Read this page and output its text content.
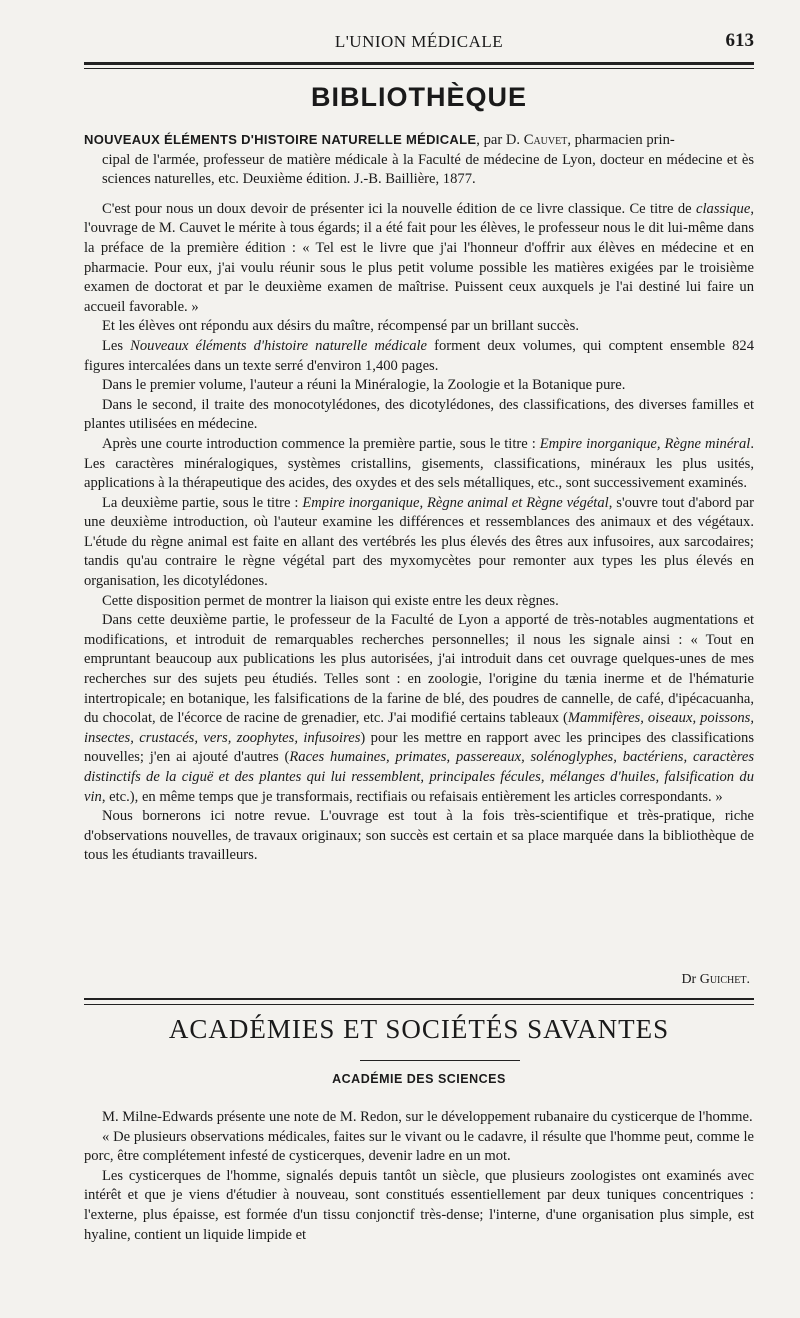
L'UNION MÉDICALE	613
BIBLIOTHÈQUE

NOUVEAUX ÉLÉMENTS D'HISTOIRE NATURELLE MÉDICALE, par D. Cauvet, pharmacien prin-

cipal de l'armée, professeur de matière médicale à la Faculté de médecine de Lyon, docteur en médecine et ès sciences naturelles, etc. Deuxième édition. J.-B. Baillière, 1877.

C'est pour nous un doux devoir de présenter ici la nouvelle édition de ce livre classique. Ce titre de classique, l'ouvrage de M. Cauvet le mérite à tous égards; il a été fait pour les élèves, le professeur nous le dit lui-même dans la préface de la première édition : « Tel est le livre que j'ai l'honneur d'offrir aux élèves en médecine et en pharmacie. Pour eux, j'ai voulu réunir sous le plus petit volume possible les matières exigées par le troisième examen de doctorat et par le deuxième examen de maîtrise. Puissent ceux auxquels je l'ai destiné lui faire un accueil favorable. »

Et les élèves ont répondu aux désirs du maître, récompensé par un brillant succès.

Les Nouveaux éléments d'histoire naturelle médicale forment deux volumes, qui comptent ensemble 824 figures intercalées dans un texte serré d'environ 1,400 pages.

Dans le premier volume, l'auteur a réuni la Minéralogie, la Zoologie et la Botanique pure.

Dans le second, il traite des monocotylédones, des dicotylédones, des classifications, des diverses familles et plantes utilisées en médecine.

Après une courte introduction commence la première partie, sous le titre : Empire inorganique, Règne minéral. Les caractères minéralogiques, systèmes cristallins, gisements, classifications, minéraux les plus usités, applications à la thérapeutique des acides, des oxydes et des sels métalliques, etc., sont successivement examinés.

La deuxième partie, sous le titre : Empire inorganique, Règne animal et Règne végétal, s'ouvre tout d'abord par une deuxième introduction, où l'auteur examine les différences et ressemblances des animaux et des végétaux. L'étude du règne animal est faite en allant des vertébrés les plus élevés des êtres aux infusoires, aux sarcodaires; tandis qu'au contraire le règne végétal part des myxomycètes pour remonter aux types les plus élevés en organisation, les dicotylédones.

Cette disposition permet de montrer la liaison qui existe entre les deux règnes.

Dans cette deuxième partie, le professeur de la Faculté de Lyon a apporté de très-notables augmentations et modifications, et introduit de remarquables recherches personnelles; il nous les signale ainsi : « Tout en empruntant beaucoup aux publications les plus autorisées, j'ai introduit dans cet ouvrage quelques-unes de mes recherches sur des sujets peu étudiés. Telles sont : en zoologie, l'origine du tænia inerme et de l'hématurie intertropicale; en botanique, les falsifications de la farine de blé, des poudres de cannelle, de café, d'ipécacuanha, du chocolat, de l'écorce de racine de grenadier, etc. J'ai modifié certains tableaux (Mammifères, oiseaux, poissons, insectes, crustacés, vers, zoophytes, infusoires) pour les mettre en rapport avec les principes des classifications nouvelles; j'en ai ajouté d'autres (Races humaines, primates, passereaux, solénoglyphes, bactériens, caractères distinctifs de la ciguë et des plantes qui lui ressemblent, principales fécules, mélanges d'huiles, falsification du vin, etc.), en même temps que je transformais, rectifiais ou refaisais entièrement les articles correspondants. »

Nous bornerons ici notre revue. L'ouvrage est tout à la fois très-scientifique et très-pratique, riche d'observations nouvelles, de travaux originaux; son succès est certain et sa place marquée dans la bibliothèque de tous les étudiants travailleurs.

Dr Guichet.
ACADÉMIES ET SOCIÉTÉS SAVANTES
ACADÉMIE DES SCIENCES

M. Milne-Edwards présente une note de M. Redon, sur le développement rubanaire du cysticerque de l'homme.

« De plusieurs observations médicales, faites sur le vivant ou le cadavre, il résulte que l'homme peut, comme le porc, être complétement infesté de cysticerques, devenir ladre en un mot.

Les cysticerques de l'homme, signalés depuis tantôt un siècle, que plusieurs zoologistes ont examinés avec intérêt et que je viens d'étudier à nouveau, sont constitués essentiellement par deux tuniques concentriques : l'externe, plus épaisse, est formée d'un tissu conjonctif très-dense; l'interne, d'une organisation plus simple, est hyaline, contient un liquide limpide et
